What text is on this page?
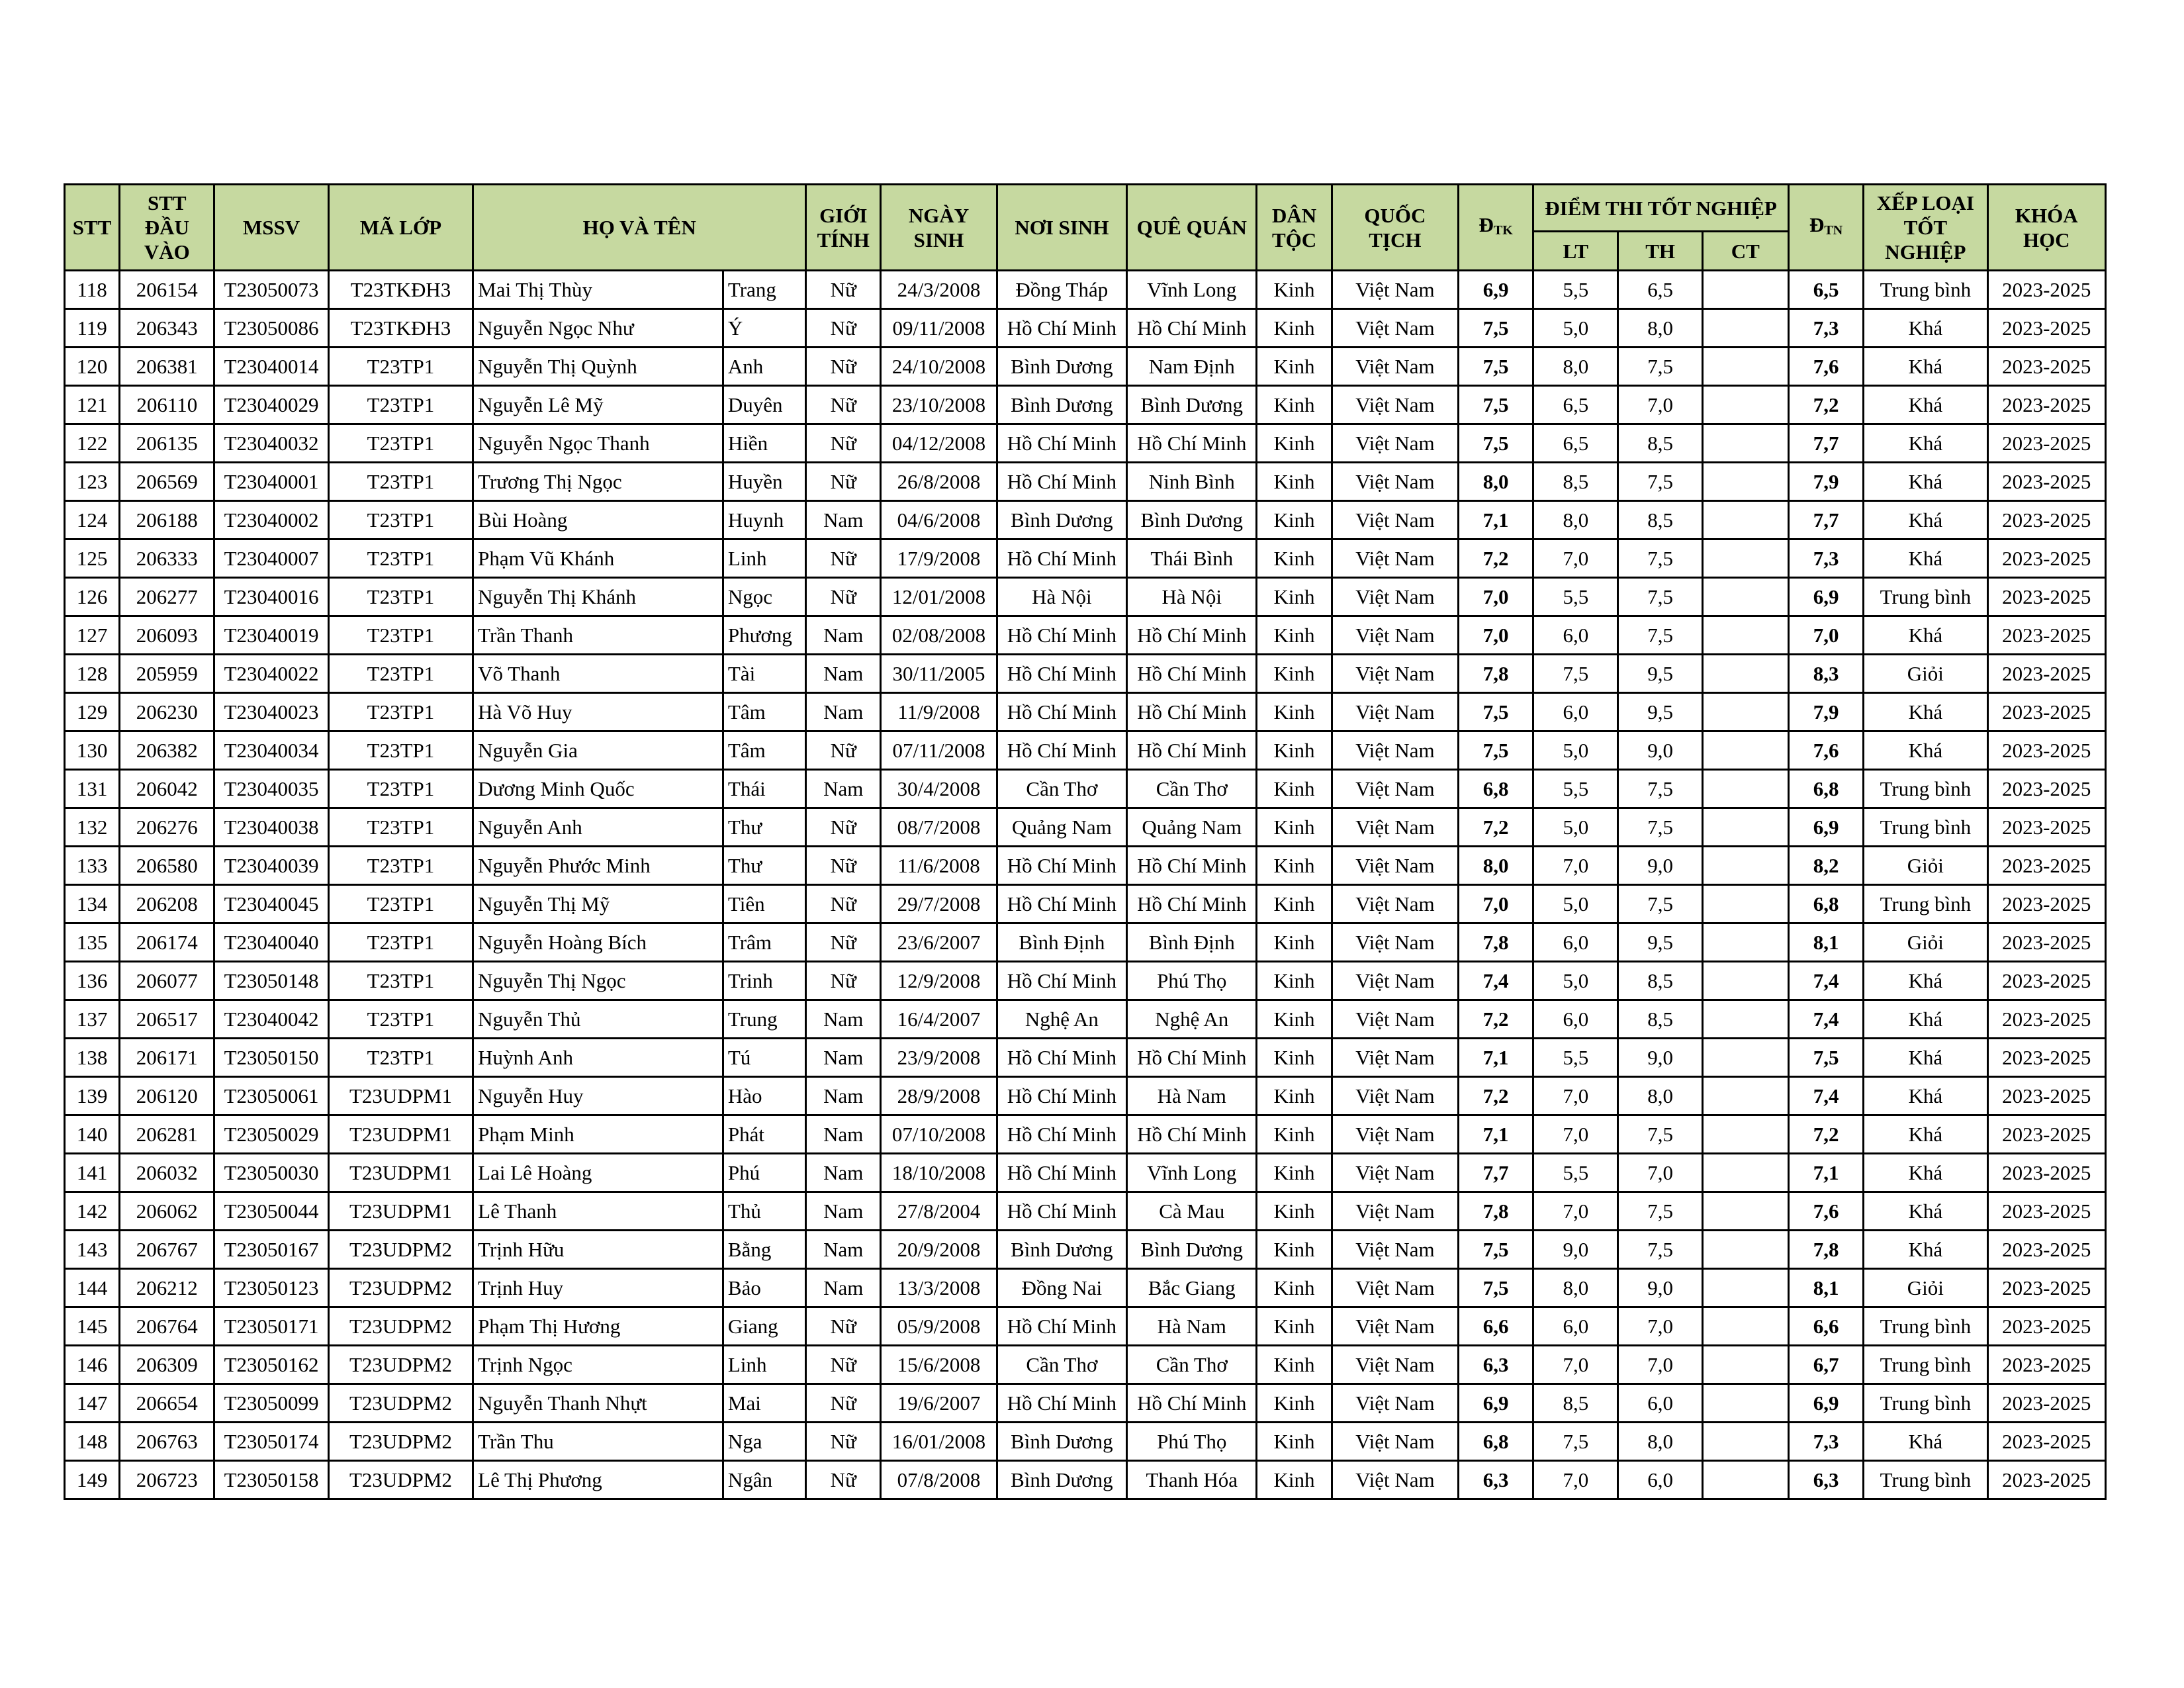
STT	STT ĐẦU VÀO	MSSV	MÃ LỚP	HỌ VÀ TÊN		GIỚI TÍNH	NGÀY SINH	NƠI SINH	QUÊ QUÁN	DÂN TỘC	QUỐC TỊCH	$Đ_{TK}$	ĐIỂM THI TỐT NGHIỆP			$Đ_{TN}$	XẾP LOẠI TỐT NGHIỆP	KHÓA HỌC
													LT	TH	CT			
118	206154	T23050073	T23TKĐH3	Mai Thị Thùy	Trang	Nữ	24/3/2008	Đồng Tháp	Vĩnh Long	Kinh	Việt Nam	6,9	5,5	6,5		6,5	Trung bình	2023-2025
119	206343	T23050086	T23TKĐH3	Nguyễn Ngọc Như	Ý	Nữ	09/11/2008	Hồ Chí Minh	Hồ Chí Minh	Kinh	Việt Nam	7,5	5,0	8,0		7,3	Khá	2023-2025
120	206381	T23040014	T23TP1	Nguyễn Thị Quỳnh	Anh	Nữ	24/10/2008	Bình Dương	Nam Định	Kinh	Việt Nam	7,5	8,0	7,5		7,6	Khá	2023-2025
121	206110	T23040029	T23TP1	Nguyễn Lê Mỹ	Duyên	Nữ	23/10/2008	Bình Dương	Bình Dương	Kinh	Việt Nam	7,5	6,5	7,0		7,2	Khá	2023-2025
122	206135	T23040032	T23TP1	Nguyễn Ngọc Thanh	Hiền	Nữ	04/12/2008	Hồ Chí Minh	Hồ Chí Minh	Kinh	Việt Nam	7,5	6,5	8,5		7,7	Khá	2023-2025
123	206569	T23040001	T23TP1	Trương Thị Ngọc	Huyền	Nữ	26/8/2008	Hồ Chí Minh	Ninh Bình	Kinh	Việt Nam	8,0	8,5	7,5		7,9	Khá	2023-2025
124	206188	T23040002	T23TP1	Bùi Hoàng	Huynh	Nam	04/6/2008	Bình Dương	Bình Dương	Kinh	Việt Nam	7,1	8,0	8,5		7,7	Khá	2023-2025
125	206333	T23040007	T23TP1	Phạm Vũ Khánh	Linh	Nữ	17/9/2008	Hồ Chí Minh	Thái Bình	Kinh	Việt Nam	7,2	7,0	7,5		7,3	Khá	2023-2025
126	206277	T23040016	T23TP1	Nguyễn Thị Khánh	Ngọc	Nữ	12/01/2008	Hà Nội	Hà Nội	Kinh	Việt Nam	7,0	5,5	7,5		6,9	Trung bình	2023-2025
127	206093	T23040019	T23TP1	Trần Thanh	Phương	Nam	02/08/2008	Hồ Chí Minh	Hồ Chí Minh	Kinh	Việt Nam	7,0	6,0	7,5		7,0	Khá	2023-2025
128	205959	T23040022	T23TP1	Võ Thanh	Tài	Nam	30/11/2005	Hồ Chí Minh	Hồ Chí Minh	Kinh	Việt Nam	7,8	7,5	9,5		8,3	Giỏi	2023-2025
129	206230	T23040023	T23TP1	Hà Võ Huy	Tâm	Nam	11/9/2008	Hồ Chí Minh	Hồ Chí Minh	Kinh	Việt Nam	7,5	6,0	9,5		7,9	Khá	2023-2025
130	206382	T23040034	T23TP1	Nguyễn Gia	Tâm	Nữ	07/11/2008	Hồ Chí Minh	Hồ Chí Minh	Kinh	Việt Nam	7,5	5,0	9,0		7,6	Khá	2023-2025
131	206042	T23040035	T23TP1	Dương Minh Quốc	Thái	Nam	30/4/2008	Cần Thơ	Cần Thơ	Kinh	Việt Nam	6,8	5,5	7,5		6,8	Trung bình	2023-2025
132	206276	T23040038	T23TP1	Nguyễn Anh	Thư	Nữ	08/7/2008	Quảng Nam	Quảng Nam	Kinh	Việt Nam	7,2	5,0	7,5		6,9	Trung bình	2023-2025
133	206580	T23040039	T23TP1	Nguyễn Phước Minh	Thư	Nữ	11/6/2008	Hồ Chí Minh	Hồ Chí Minh	Kinh	Việt Nam	8,0	7,0	9,0		8,2	Giỏi	2023-2025
134	206208	T23040045	T23TP1	Nguyễn Thị Mỹ	Tiên	Nữ	29/7/2008	Hồ Chí Minh	Hồ Chí Minh	Kinh	Việt Nam	7,0	5,0	7,5		6,8	Trung bình	2023-2025
135	206174	T23040040	T23TP1	Nguyễn Hoàng Bích	Trâm	Nữ	23/6/2007	Bình Định	Bình Định	Kinh	Việt Nam	7,8	6,0	9,5		8,1	Giỏi	2023-2025
136	206077	T23050148	T23TP1	Nguyễn Thị Ngọc	Trinh	Nữ	12/9/2008	Hồ Chí Minh	Phú Thọ	Kinh	Việt Nam	7,4	5,0	8,5		7,4	Khá	2023-2025
137	206517	T23040042	T23TP1	Nguyễn Thủ	Trung	Nam	16/4/2007	Nghệ An	Nghệ An	Kinh	Việt Nam	7,2	6,0	8,5		7,4	Khá	2023-2025
138	206171	T23050150	T23TP1	Huỳnh Anh	Tú	Nam	23/9/2008	Hồ Chí Minh	Hồ Chí Minh	Kinh	Việt Nam	7,1	5,5	9,0		7,5	Khá	2023-2025
139	206120	T23050061	T23UDPM1	Nguyễn Huy	Hào	Nam	28/9/2008	Hồ Chí Minh	Hà Nam	Kinh	Việt Nam	7,2	7,0	8,0		7,4	Khá	2023-2025
140	206281	T23050029	T23UDPM1	Phạm Minh	Phát	Nam	07/10/2008	Hồ Chí Minh	Hồ Chí Minh	Kinh	Việt Nam	7,1	7,0	7,5		7,2	Khá	2023-2025
141	206032	T23050030	T23UDPM1	Lai Lê Hoàng	Phú	Nam	18/10/2008	Hồ Chí Minh	Vĩnh Long	Kinh	Việt Nam	7,7	5,5	7,0		7,1	Khá	2023-2025
142	206062	T23050044	T23UDPM1	Lê Thanh	Thủ	Nam	27/8/2004	Hồ Chí Minh	Cà Mau	Kinh	Việt Nam	7,8	7,0	7,5		7,6	Khá	2023-2025
143	206767	T23050167	T23UDPM2	Trịnh Hữu	Bằng	Nam	20/9/2008	Bình Dương	Bình Dương	Kinh	Việt Nam	7,5	9,0	7,5		7,8	Khá	2023-2025
144	206212	T23050123	T23UDPM2	Trịnh Huy	Bảo	Nam	13/3/2008	Đồng Nai	Bắc Giang	Kinh	Việt Nam	7,5	8,0	9,0		8,1	Giỏi	2023-2025
145	206764	T23050171	T23UDPM2	Phạm Thị Hương	Giang	Nữ	05/9/2008	Hồ Chí Minh	Hà Nam	Kinh	Việt Nam	6,6	6,0	7,0		6,6	Trung bình	2023-2025
146	206309	T23050162	T23UDPM2	Trịnh Ngọc	Linh	Nữ	15/6/2008	Cần Thơ	Cần Thơ	Kinh	Việt Nam	6,3	7,0	7,0		6,7	Trung bình	2023-2025
147	206654	T23050099	T23UDPM2	Nguyễn Thanh Nhựt	Mai	Nữ	19/6/2007	Hồ Chí Minh	Hồ Chí Minh	Kinh	Việt Nam	6,9	8,5	6,0		6,9	Trung bình	2023-2025
148	206763	T23050174	T23UDPM2	Trần Thu	Nga	Nữ	16/01/2008	Bình Dương	Phú Thọ	Kinh	Việt Nam	6,8	7,5	8,0		7,3	Khá	2023-2025
149	206723	T23050158	T23UDPM2	Lê Thị Phương	Ngân	Nữ	07/8/2008	Bình Dương	Thanh Hóa	Kinh	Việt Nam	6,3	7,0	6,0		6,3	Trung bình	2023-2025
